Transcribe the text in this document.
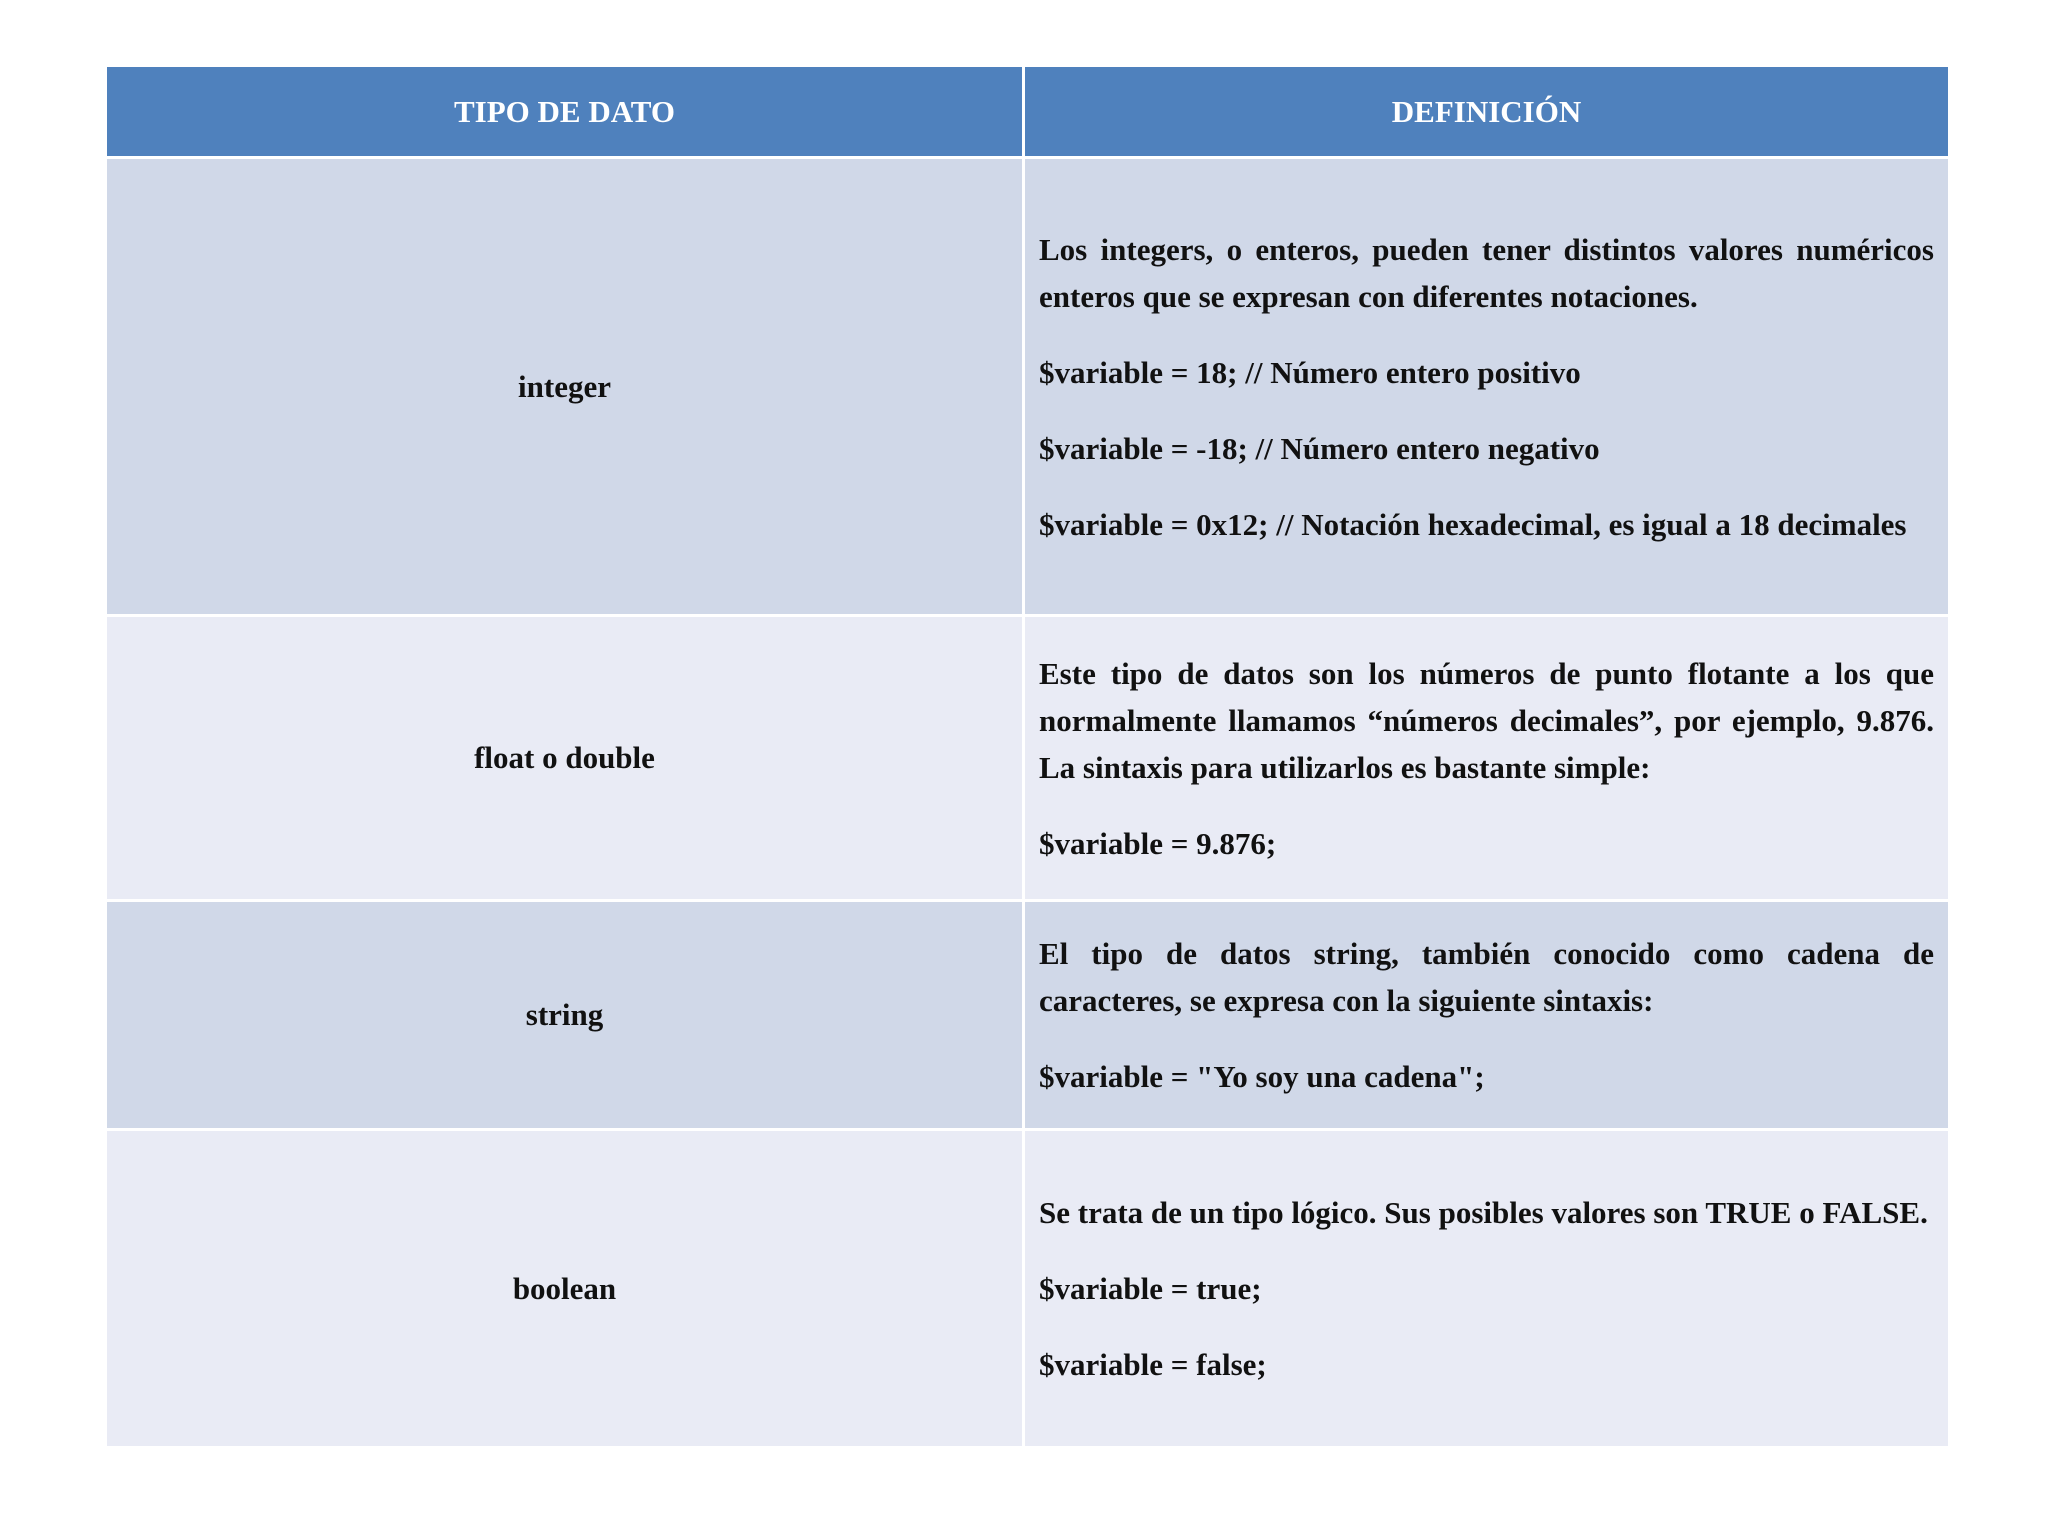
TIPO DE DATO	DEFINICIÓN
integer	Los integers, o enteros, pueden tener distintos valores numéricos enteros que se expresan con diferentes notaciones.

$variable = 18; // Número entero positivo

$variable = -18; // Número entero negativo

$variable = 0x12; // Notación hexadecimal, es igual a 18 decimales

float o double	Este tipo de datos son los números de punto flotante a los que normalmente llamamos “números decimales”, por ejemplo, 9.876. La sintaxis para utilizarlos es bastante simple:

$variable = 9.876;

string	El tipo de datos string, también conocido como cadena de caracteres, se expresa con la siguiente sintaxis:

$variable = "Yo soy una cadena";

boolean	Se trata de un tipo lógico. Sus posibles valores son TRUE o FALSE.

$variable = true;

$variable = false;
